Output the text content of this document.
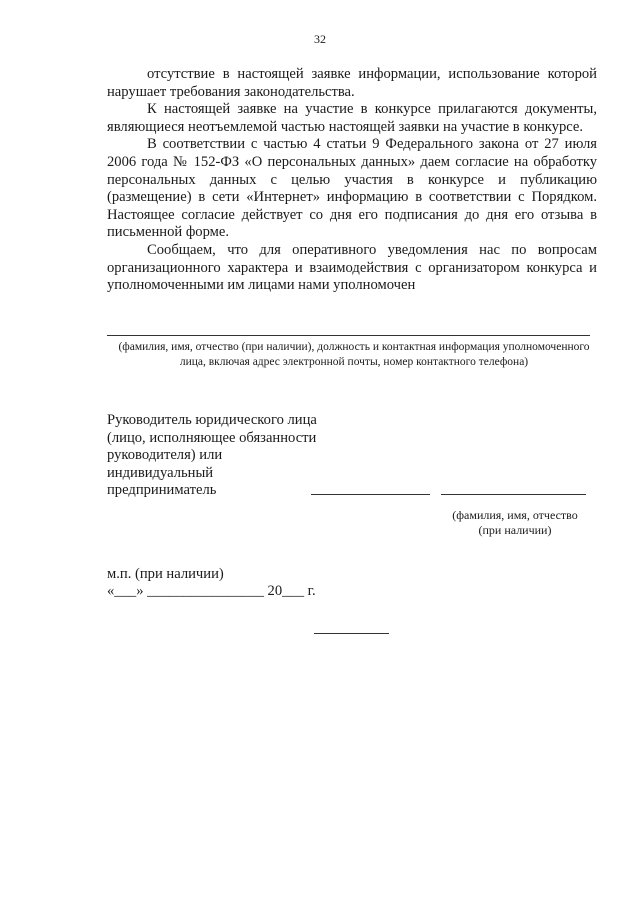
32

отсутствие в настоящей заявке информации, использование которой нарушает требования законодательства.

К настоящей заявке на участие в конкурсе прилагаются документы, являющиеся неотъемлемой частью настоящей заявки на участие в конкурсе.

В соответствии с частью 4 статьи 9 Федерального закона от 27 июля 2006 года № 152-ФЗ «О персональных данных» даем согласие на обработку персональных данных с целью участия в конкурсе и публикацию (размещение) в сети «Интернет» информацию в соответствии с Порядком. Настоящее согласие действует со дня его подписания до дня его отзыва в письменной форме.

Сообщаем, что для оперативного уведомления нас по вопросам организационного характера и взаимодействия с организатором конкурса и уполномоченными им лицами нами уполномочен

(фамилия, имя, отчество (при наличии), должность и контактная информация уполномоченного лица, включая адрес электронной почты, номер контактного телефона)
Руководитель юридического лица (лицо, исполняющее обязанности руководителя) или индивидуальный предприниматель
(фамилия, имя, отчество (при наличии)
м.п. (при наличии)
«___» ________________ 20___ г.
